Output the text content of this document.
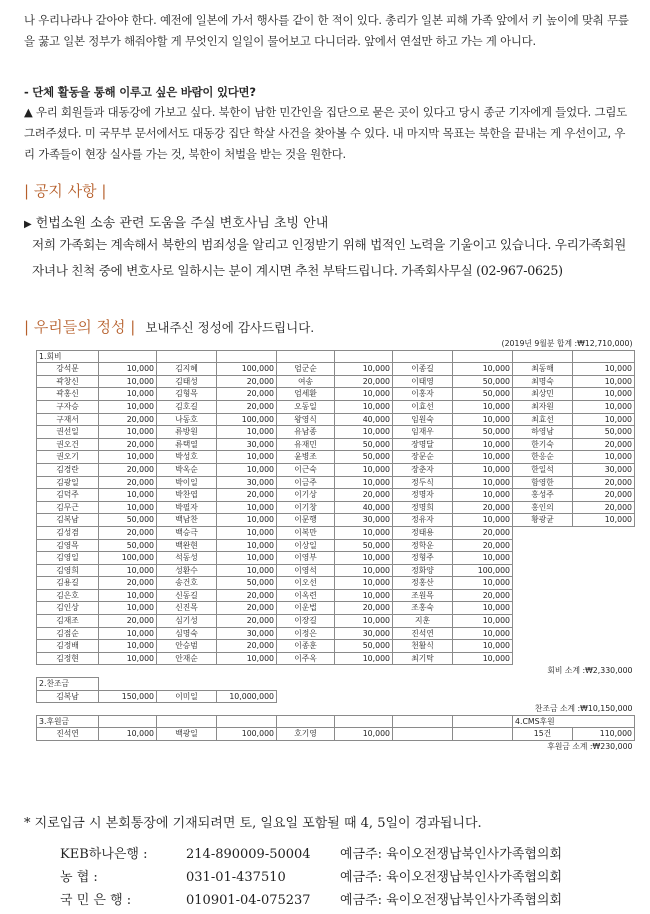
나 우리나라나 같아야 한다. 예전에 일본에 가서 행사를 같이 한 적이 있다. 총리가 일본 피해 가족 앞에서 키 높이에 맞춰 무릎을 꿇고 일본 정부가 해줘야할 게 무엇인지 일일이 물어보고 다니더라. 앞에서 연설만 하고 가는 게 아니다.

- 단체 활동을 통해 이루고 싶은 바람이 있다면?

▲ 우리 회원들과 대동강에 가보고 싶다. 북한이 남한 민간인을 집단으로 묻은 곳이 있다고 당시 종군 기자에게 들었다. 그림도 그려주셨다. 미 국무부 문서에서도 대동강 집단 학살 사건을 찾아볼 수 있다. 내 마지막 목표는 북한을 끝내는 게 우선이고, 우리 가족들이 현장 실사를 가는 것, 북한이 처벌을 받는 것을 원한다.

| 공지 사항 |
▶ 헌법소원 소송 관련 도움을 주실 변호사님 초빙 안내

저희 가족회는 계속해서 북한의 범죄성을 알리고 인정받기 위해 법적인 노력을 기울이고 있습니다. 우리가족회원 자녀나 친척 중에 변호사로 일하시는 분이 계시면 추천 부탁드립니다. 가족회사무실 (02-967-0625)

| 우리들의 정성 | 보내주신 정성에 감사드립니다.
(2019년 9월분 합계 :₩12,710,000)									
1.회비									
강석문	10,000	김지혜	100,000	엄군순	10,000	이종길	10,000	최동해	10,000
곽창신	10,000	김태성	20,000	여송	20,000	이태영	50,000	최명숙	10,000
곽홍신	10,000	김형목	20,000	엄세환	10,000	이홍자	50,000	최상민	10,000
구자승	10,000	김호길	20,000	오동일	10,000	이효선	10,000	최자원	10,000
구재서	20,000	나동호	100,000	왕영식	40,000	임원숙	10,000	최효선	10,000
권선일	10,000	류방원	10,000	유남종	10,000	임재우	50,000	하영남	50,000
권오건	20,000	류택열	30,000	유재민	50,000	장명달	10,000	한기숙	20,000
권오기	10,000	박성호	10,000	윤병조	50,000	장문순	10,000	한응순	10,000
김경란	20,000	박옥순	10,000	이근숙	10,000	장춘자	10,000	한일석	30,000
김광일	20,000	박이일	30,000	이금주	10,000	정두식	10,000	함영한	20,000
김덕주	10,000	박찬엽	20,000	이기상	20,000	정명자	10,000	홍성주	20,000
김무근	10,000	박필자	10,000	이기창	40,000	정명희	20,000	홍인의	20,000
김복남	50,000	백남찬	10,000	이문행	30,000	정유자	10,000	황광균	10,000
김성겸	20,000	백승극	10,000	이복만	10,000	정태용	20,000		
김영목	50,000	백완현	10,000	이상일	50,000	정학운	20,000		
김영일	100,000	석동성	10,000	이영부	10,000	정형주	10,000		
김영희	10,000	성환수	10,000	이영석	10,000	정화양	100,000		
김용길	20,000	송건호	50,000	이오선	10,000	정홍산	10,000		
김은호	10,000	신동길	20,000	이옥련	10,000	조원목	20,000		
김인상	10,000	신진목	20,000	이운법	20,000	조홍숙	10,000		
김재조	20,000	심기성	20,000	이장길	10,000	지훈	10,000		
김점순	10,000	심명숙	30,000	이정은	30,000	진석연	10,000		
김정배	10,000	안승범	20,000	이종훈	50,000	천활식	10,000		
김정현	10,000	안재순	10,000	이주옥	10,000	최기탁	10,000		
회비 소계 :₩2,330,000									
2.찬조금									
김복남	150,000	이미일	10,000,000						
찬조금 소계 :₩10,150,000									
3.후원금								4.CMS후원	
진석연	10,000	백광일	100,000	호기영	10,000			15건	110,000
후원금 소계 :₩230,000									
* 지로입금 시 본회통장에 기재되려면 토, 일요일 포함될 때 4, 5일이 경과됩니다.
KEB하나은행 :	214-890009-50004	예금주: 육이오전쟁납북인사가족협의회
농 협 :	031-01-437510	예금주: 육이오전쟁납북인사가족협의회
국 민 은 행 :	010901-04-075237	예금주: 육이오전쟁납북인사가족협의회
